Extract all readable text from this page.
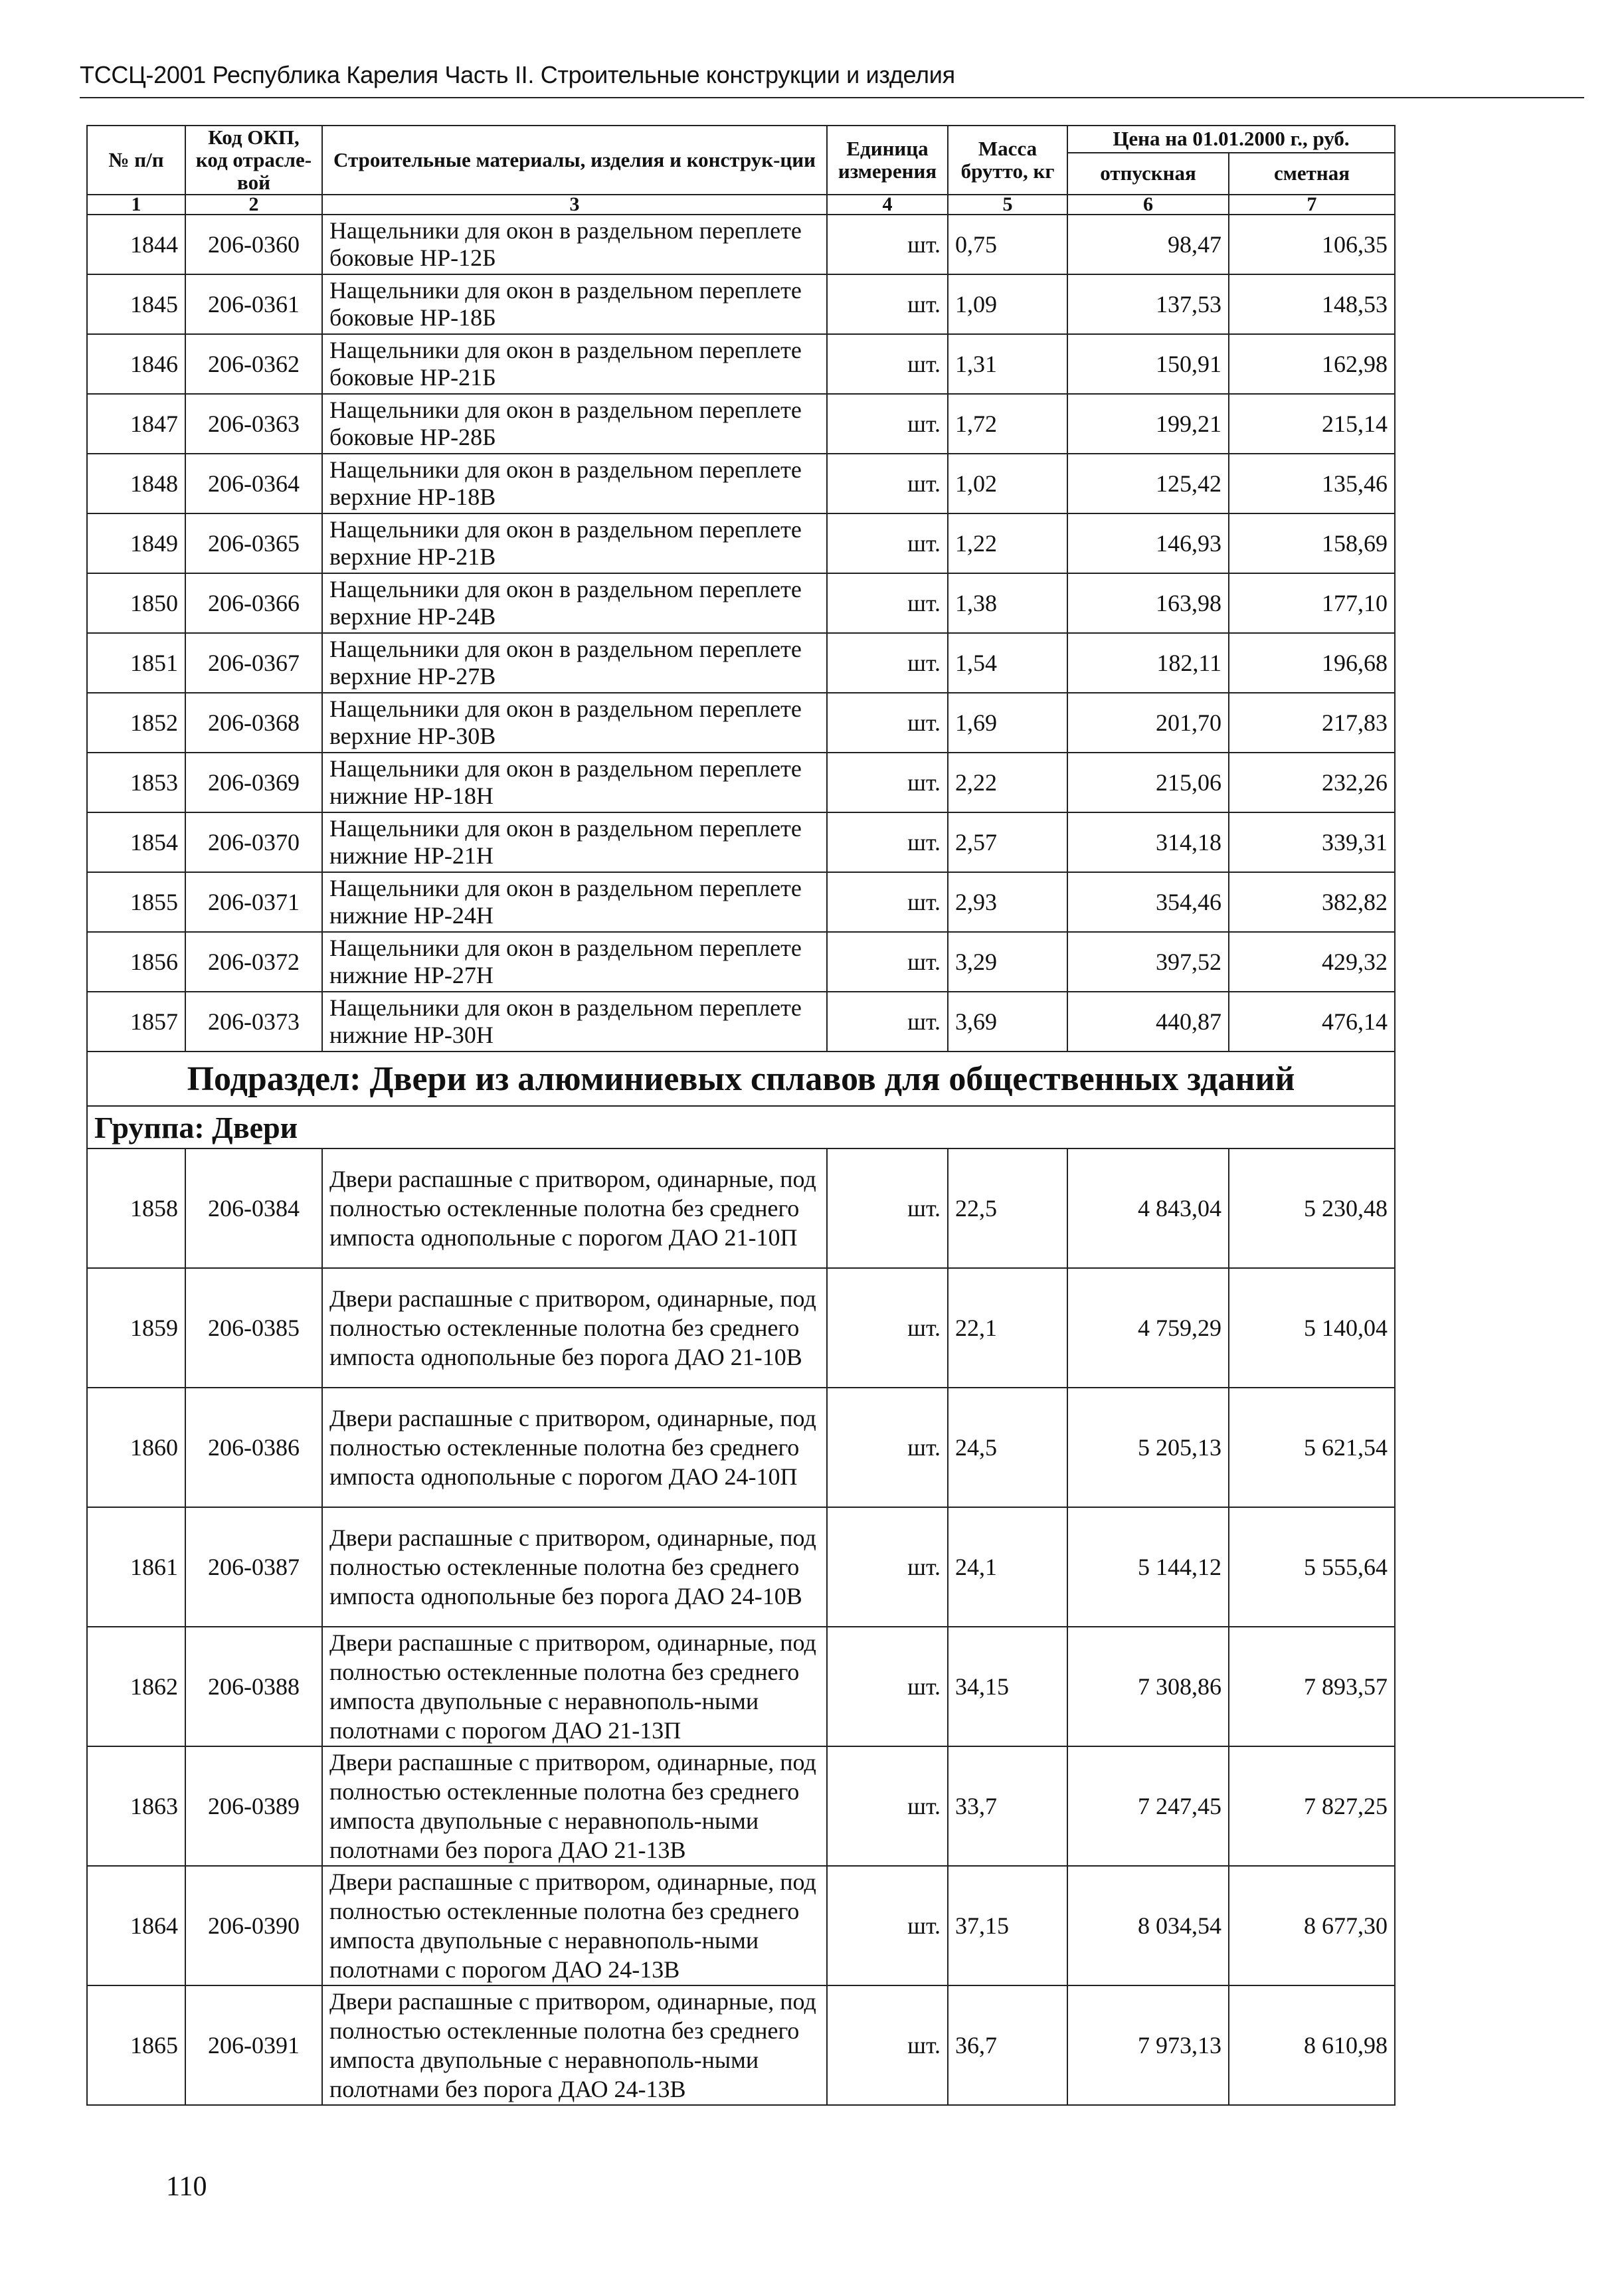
ТССЦ-2001 Республика Карелия Часть II. Строительные конструкции и изделия
№ п/п	Код ОКП, код отрасле-вой	Строительные материалы, изделия и конструк-ции	Единица измерения	Масса брутто, кг	Цена на 01.01.2000 г., руб.	
					отпускная	сметная
1	2	3	4	5	6	7
1844	206-0360	Нащельники для окон в раздельном переплете боковые НР-12Б	шт.	0,75	98,47	106,35
1845	206-0361	Нащельники для окон в раздельном переплете боковые НР-18Б	шт.	1,09	137,53	148,53
1846	206-0362	Нащельники для окон в раздельном переплете боковые НР-21Б	шт.	1,31	150,91	162,98
1847	206-0363	Нащельники для окон в раздельном переплете боковые НР-28Б	шт.	1,72	199,21	215,14
1848	206-0364	Нащельники для окон в раздельном переплете верхние НР-18В	шт.	1,02	125,42	135,46
1849	206-0365	Нащельники для окон в раздельном переплете верхние НР-21В	шт.	1,22	146,93	158,69
1850	206-0366	Нащельники для окон в раздельном переплете верхние НР-24В	шт.	1,38	163,98	177,10
1851	206-0367	Нащельники для окон в раздельном переплете верхние НР-27В	шт.	1,54	182,11	196,68
1852	206-0368	Нащельники для окон в раздельном переплете верхние НР-30В	шт.	1,69	201,70	217,83
1853	206-0369	Нащельники для окон в раздельном переплете нижние НР-18Н	шт.	2,22	215,06	232,26
1854	206-0370	Нащельники для окон в раздельном переплете нижние НР-21Н	шт.	2,57	314,18	339,31
1855	206-0371	Нащельники для окон в раздельном переплете нижние НР-24Н	шт.	2,93	354,46	382,82
1856	206-0372	Нащельники для окон в раздельном переплете нижние НР-27Н	шт.	3,29	397,52	429,32
1857	206-0373	Нащельники для окон в раздельном переплете нижние НР-30Н	шт.	3,69	440,87	476,14
Подраздел: Двери из алюминиевых сплавов для общественных зданий						
Группа: Двери						
1858	206-0384	Двери распашные с притвором, одинарные, под полностью остекленные полотна без среднего импоста однопольные с порогом ДАО 21-10П	шт.	22,5	4 843,04	5 230,48
1859	206-0385	Двери распашные с притвором, одинарные, под полностью остекленные полотна без среднего импоста однопольные без порога ДАО 21-10В	шт.	22,1	4 759,29	5 140,04
1860	206-0386	Двери распашные с притвором, одинарные, под полностью остекленные полотна без среднего импоста однопольные с порогом ДАО 24-10П	шт.	24,5	5 205,13	5 621,54
1861	206-0387	Двери распашные с притвором, одинарные, под полностью остекленные полотна без среднего импоста однопольные без порога ДАО 24-10В	шт.	24,1	5 144,12	5 555,64
1862	206-0388	Двери распашные с притвором, одинарные, под полностью остекленные полотна без среднего импоста двупольные с неравнополь-ными полотнами с порогом ДАО 21-13П	шт.	34,15	7 308,86	7 893,57
1863	206-0389	Двери распашные с притвором, одинарные, под полностью остекленные полотна без среднего импоста двупольные с неравнополь-ными полотнами без порога ДАО 21-13В	шт.	33,7	7 247,45	7 827,25
1864	206-0390	Двери распашные с притвором, одинарные, под полностью остекленные полотна без среднего импоста двупольные с неравнополь-ными полотнами с порогом ДАО 24-13В	шт.	37,15	8 034,54	8 677,30
1865	206-0391	Двери распашные с притвором, одинарные, под полностью остекленные полотна без среднего импоста двупольные с неравнополь-ными полотнами без порога ДАО 24-13В	шт.	36,7	7 973,13	8 610,98
110
